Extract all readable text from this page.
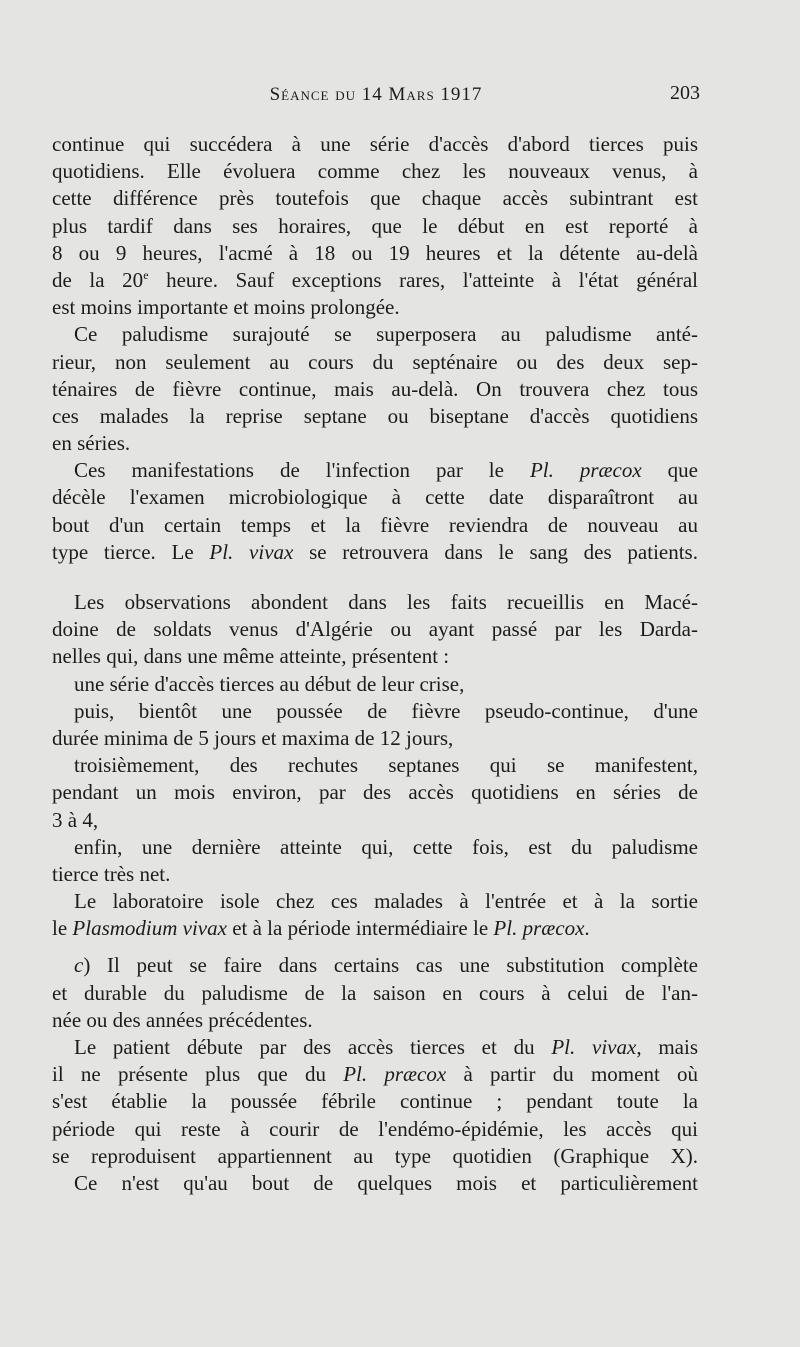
Séance du 14 Mars 1917	203
continue qui succédera à une série d'accès d'abord tierces puis
quotidiens. Elle évoluera comme chez les nouveaux venus, à
cette différence près toutefois que chaque accès subintrant est
plus tardif dans ses horaires, que le début en est reporté à
8 ou 9 heures, l'acmé à 18 ou 19 heures et la détente au-delà
de la 20e heure. Sauf exceptions rares, l'atteinte à l'état général
est moins importante et moins prolongée.
Ce paludisme surajouté se superposera au paludisme anté-
rieur, non seulement au cours du septénaire ou des deux sep-
ténaires de fièvre continue, mais au-delà. On trouvera chez tous
ces malades la reprise septane ou biseptane d'accès quotidiens
en séries.
Ces manifestations de l'infection par le Pl. præcox que
décèle l'examen microbiologique à cette date disparaîtront au
bout d'un certain temps et la fièvre reviendra de nouveau au
type tierce. Le Pl. vivax se retrouvera dans le sang des patients.
Les observations abondent dans les faits recueillis en Macé-
doine de soldats venus d'Algérie ou ayant passé par les Darda-
nelles qui, dans une même atteinte, présentent :
une série d'accès tierces au début de leur crise,
puis, bientôt une poussée de fièvre pseudo-continue, d'une
durée minima de 5 jours et maxima de 12 jours,
troisièmement, des rechutes septanes qui se manifestent,
pendant un mois environ, par des accès quotidiens en séries de
3 à 4,
enfin, une dernière atteinte qui, cette fois, est du paludisme
tierce très net.
Le laboratoire isole chez ces malades à l'entrée et à la sortie
le Plasmodium vivax et à la période intermédiaire le Pl. præcox.
c) Il peut se faire dans certains cas une substitution complète
et durable du paludisme de la saison en cours à celui de l'an-
née ou des années précédentes.
Le patient débute par des accès tierces et du Pl. vivax, mais
il ne présente plus que du Pl. præcox à partir du moment où
s'est établie la poussée fébrile continue ; pendant toute la
période qui reste à courir de l'endémo-épidémie, les accès qui
se reproduisent appartiennent au type quotidien (Graphique X).
Ce n'est qu'au bout de quelques mois et particulièrement
